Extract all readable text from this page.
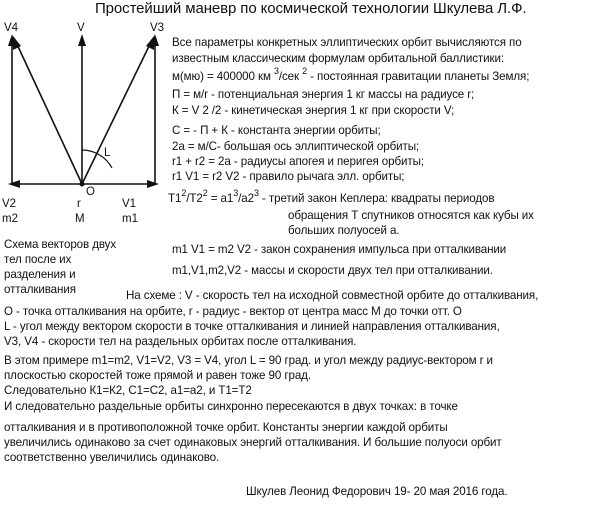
V4	V	V3
L
O
V2	r	V1
m2	M	m1
Схема векторов двух
тел после их
разделения и
отталкивания
Простейший маневр по космической технологии Шкулева Л.Ф.
Все параметры конкретных эллиптических орбит вычисляются по
известным классическим формулам орбитальной баллистики:
м(мю) = 400000 км $^3$/сек $^2$ - постоянная гравитации планеты Земля;
П = м/r - потенциальная энергия 1 кг массы на радиусе r;
К = V 2 /2 - кинетическая энергия 1 кг при скорости V;
С = - П + К - константа энергии орбиты;
2а = м/С- большая ось эллиптической орбиты;
r1 + r2 = 2а - радиусы апогея и перигея орбиты;
r1 V1 = r2 V2 - правило рычага элл. орбиты;
$T1^2/T2^2 = a1^3/a2^3$ - третий закон Кеплера: квадраты периодов
обращения Т спутников относятся как кубы их
больших полуосей а.
m1 V1 = m2 V2 - закон сохранения импульса при отталкивании
m1,V1,m2,V2 - массы и скорости двух тел при отталкивании.
На схеме : V - скорость тел на исходной совместной орбите до отталкивания,
О - точка отталкивания на орбите, r - радиус - вектор от центра масс М до точки отт. О
L - угол между вектором скорости в точке отталкивания и линией направления отталкивания,
V3, V4 - скорости тел на раздельных орбитах после отталкивания.
В этом примере m1=m2, V1=V2, V3 = V4, угол L = 90 град. и угол между радиус-вектором r и
плоскостью скоростей тоже прямой и равен тоже 90 град.
Следовательно К1=К2, С1=С2, а1=а2, и Т1=Т2
И следовательно раздельные орбиты синхронно пересекаются в двух точках: в точке
отталкивания и в противоположной точке орбит. Константы энергии каждой орбиты
увеличились одинаково за счет одинаковых энергий отталкивания. И большие полуоси орбит
соответственно увеличились одинаково.
Шкулев Леонид Федорович 19- 20 мая 2016 года.
